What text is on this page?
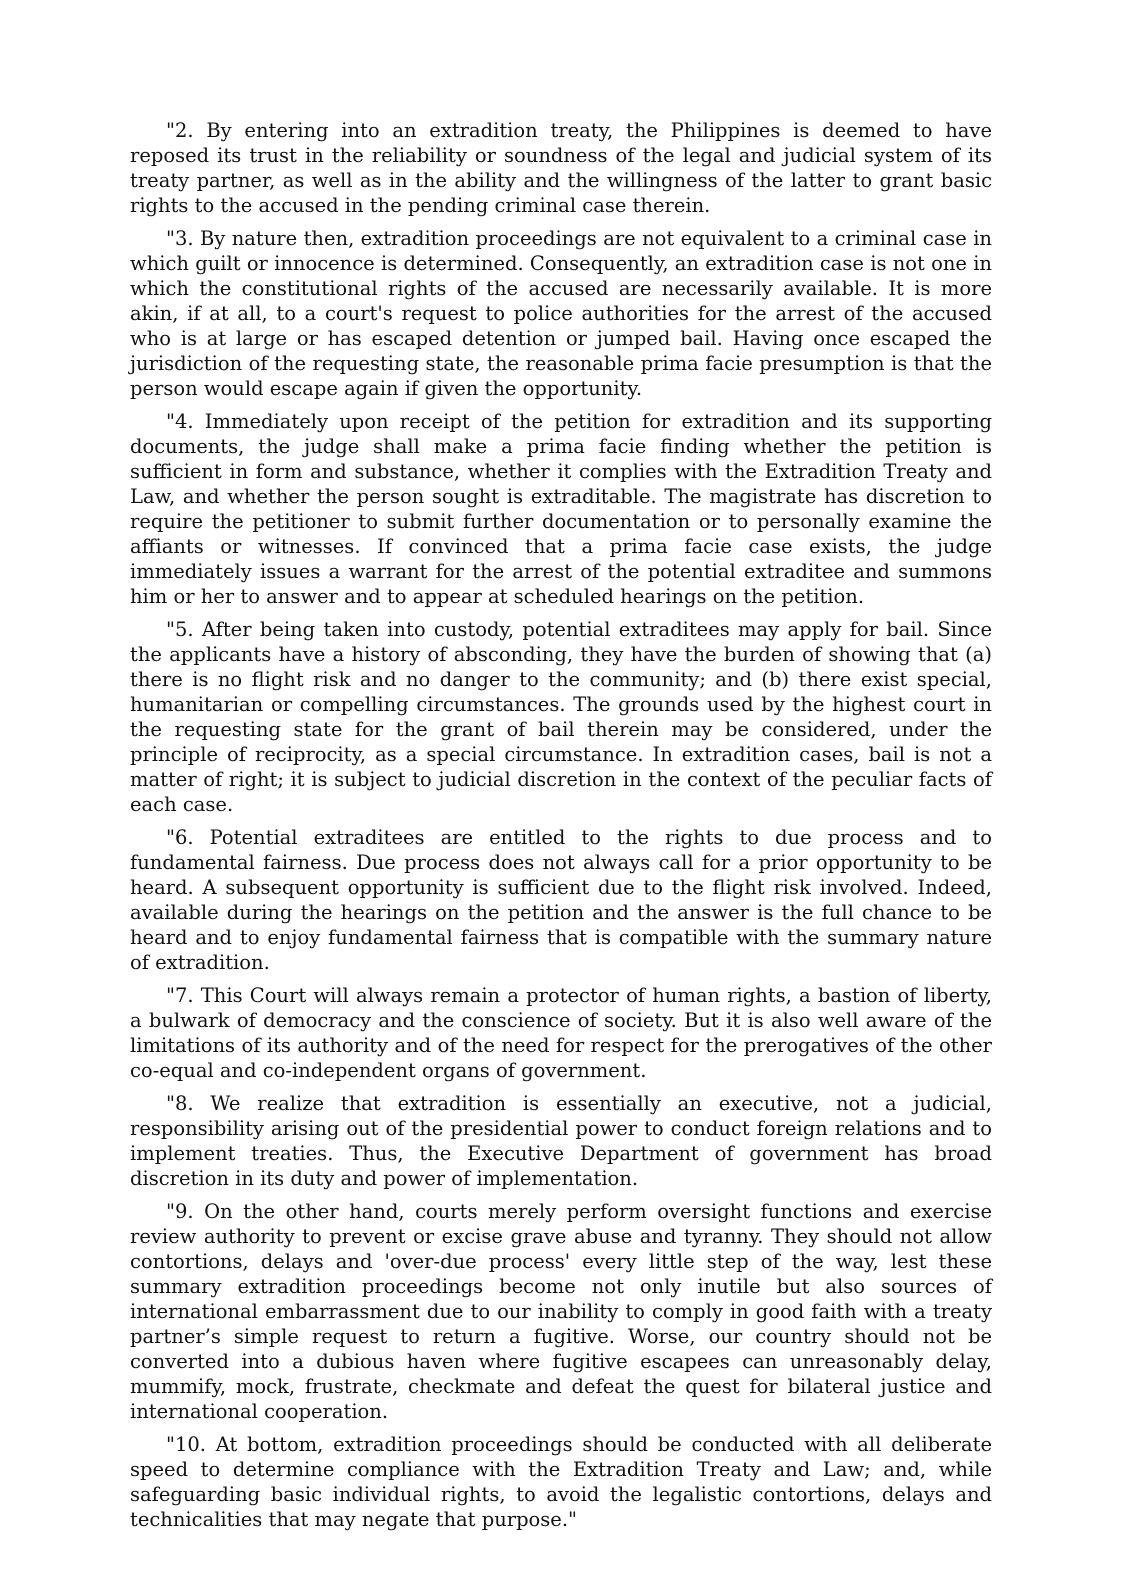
"2. By entering into an extradition treaty, the Philippines is deemed to have reposed its trust in the reliability or soundness of the legal and judicial system of its treaty partner, as well as in the ability and the willingness of the latter to grant basic rights to the accused in the pending criminal case therein.

"3. By nature then, extradition proceedings are not equivalent to a criminal case in which guilt or innocence is determined. Consequently, an extradition case is not one in which the constitutional rights of the accused are necessarily available. It is more akin, if at all, to a court's request to police authorities for the arrest of the accused who is at large or has escaped detention or jumped bail. Having once escaped the jurisdiction of the requesting state, the reasonable prima facie presumption is that the person would escape again if given the opportunity.

"4. Immediately upon receipt of the petition for extradition and its supporting documents, the judge shall make a prima facie finding whether the petition is sufficient in form and substance, whether it complies with the Extradition Treaty and Law, and whether the person sought is extraditable. The magistrate has discretion to require the petitioner to submit further documentation or to personally examine the affiants or witnesses. If convinced that a prima facie case exists, the judge immediately issues a warrant for the arrest of the potential extraditee and summons him or her to answer and to appear at scheduled hearings on the petition.

"5. After being taken into custody, potential extraditees may apply for bail. Since the applicants have a history of absconding, they have the burden of showing that (a) there is no flight risk and no danger to the community; and (b) there exist special, humanitarian or compelling circumstances. The grounds used by the highest court in the requesting state for the grant of bail therein may be considered, under the principle of reciprocity, as a special circumstance. In extradition cases, bail is not a matter of right; it is subject to judicial discretion in the context of the peculiar facts of each case.

"6. Potential extraditees are entitled to the rights to due process and to fundamental fairness. Due process does not always call for a prior opportunity to be heard. A subsequent opportunity is sufficient due to the flight risk involved. Indeed, available during the hearings on the petition and the answer is the full chance to be heard and to enjoy fundamental fairness that is compatible with the summary nature of extradition.

"7. This Court will always remain a protector of human rights, a bastion of liberty, a bulwark of democracy and the conscience of society. But it is also well aware of the limitations of its authority and of the need for respect for the prerogatives of the other co-equal and co-independent organs of government.

"8. We realize that extradition is essentially an executive, not a judicial, responsibility arising out of the presidential power to conduct foreign relations and to implement treaties. Thus, the Executive Department of government has broad discretion in its duty and power of implementation.

"9. On the other hand, courts merely perform oversight functions and exercise review authority to prevent or excise grave abuse and tyranny. They should not allow contortions, delays and 'over-due process' every little step of the way, lest these summary extradition proceedings become not only inutile but also sources of international embarrassment due to our inability to comply in good faith with a treaty partner’s simple request to return a fugitive. Worse, our country should not be converted into a dubious haven where fugitive escapees can unreasonably delay, mummify, mock, frustrate, checkmate and defeat the quest for bilateral justice and international cooperation.

"10. At bottom, extradition proceedings should be conducted with all deliberate speed to determine compliance with the Extradition Treaty and Law; and, while safeguarding basic individual rights, to avoid the legalistic contortions, delays and technicalities that may negate that purpose."
